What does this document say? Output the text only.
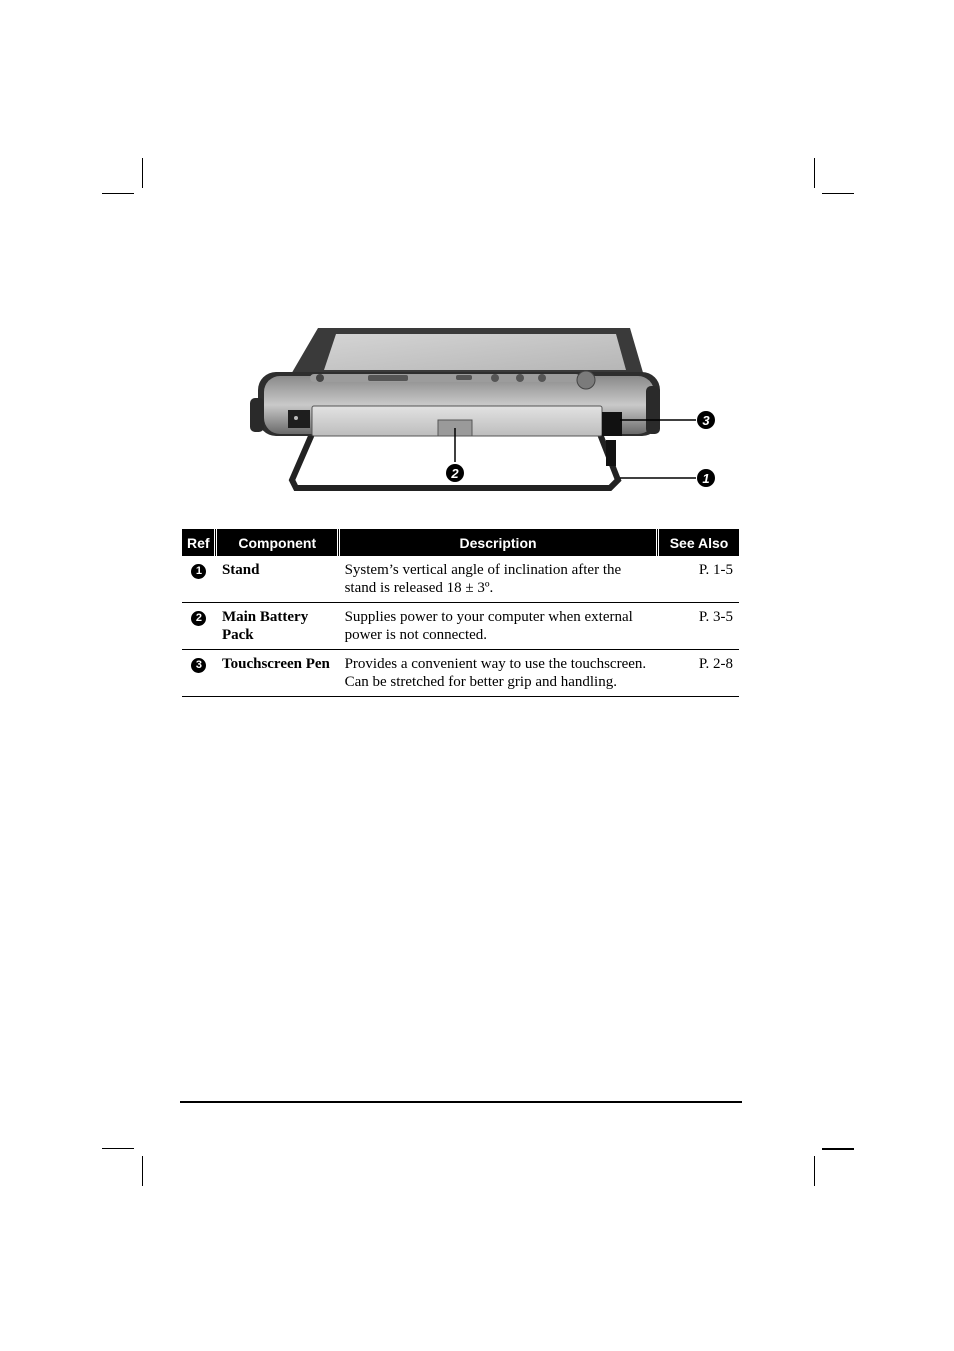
3
1
2
Ref	Component	Description	See Also
1	Stand	System’s vertical angle of inclination after the stand is released 18 ± 3º.	P. 1-5
2	Main Battery Pack	Supplies power to your computer when external power is not connected.	P. 3-5
3	Touchscreen Pen	Provides a convenient way to use the touchscreen. Can be stretched for better grip and handling.	P. 2-8
